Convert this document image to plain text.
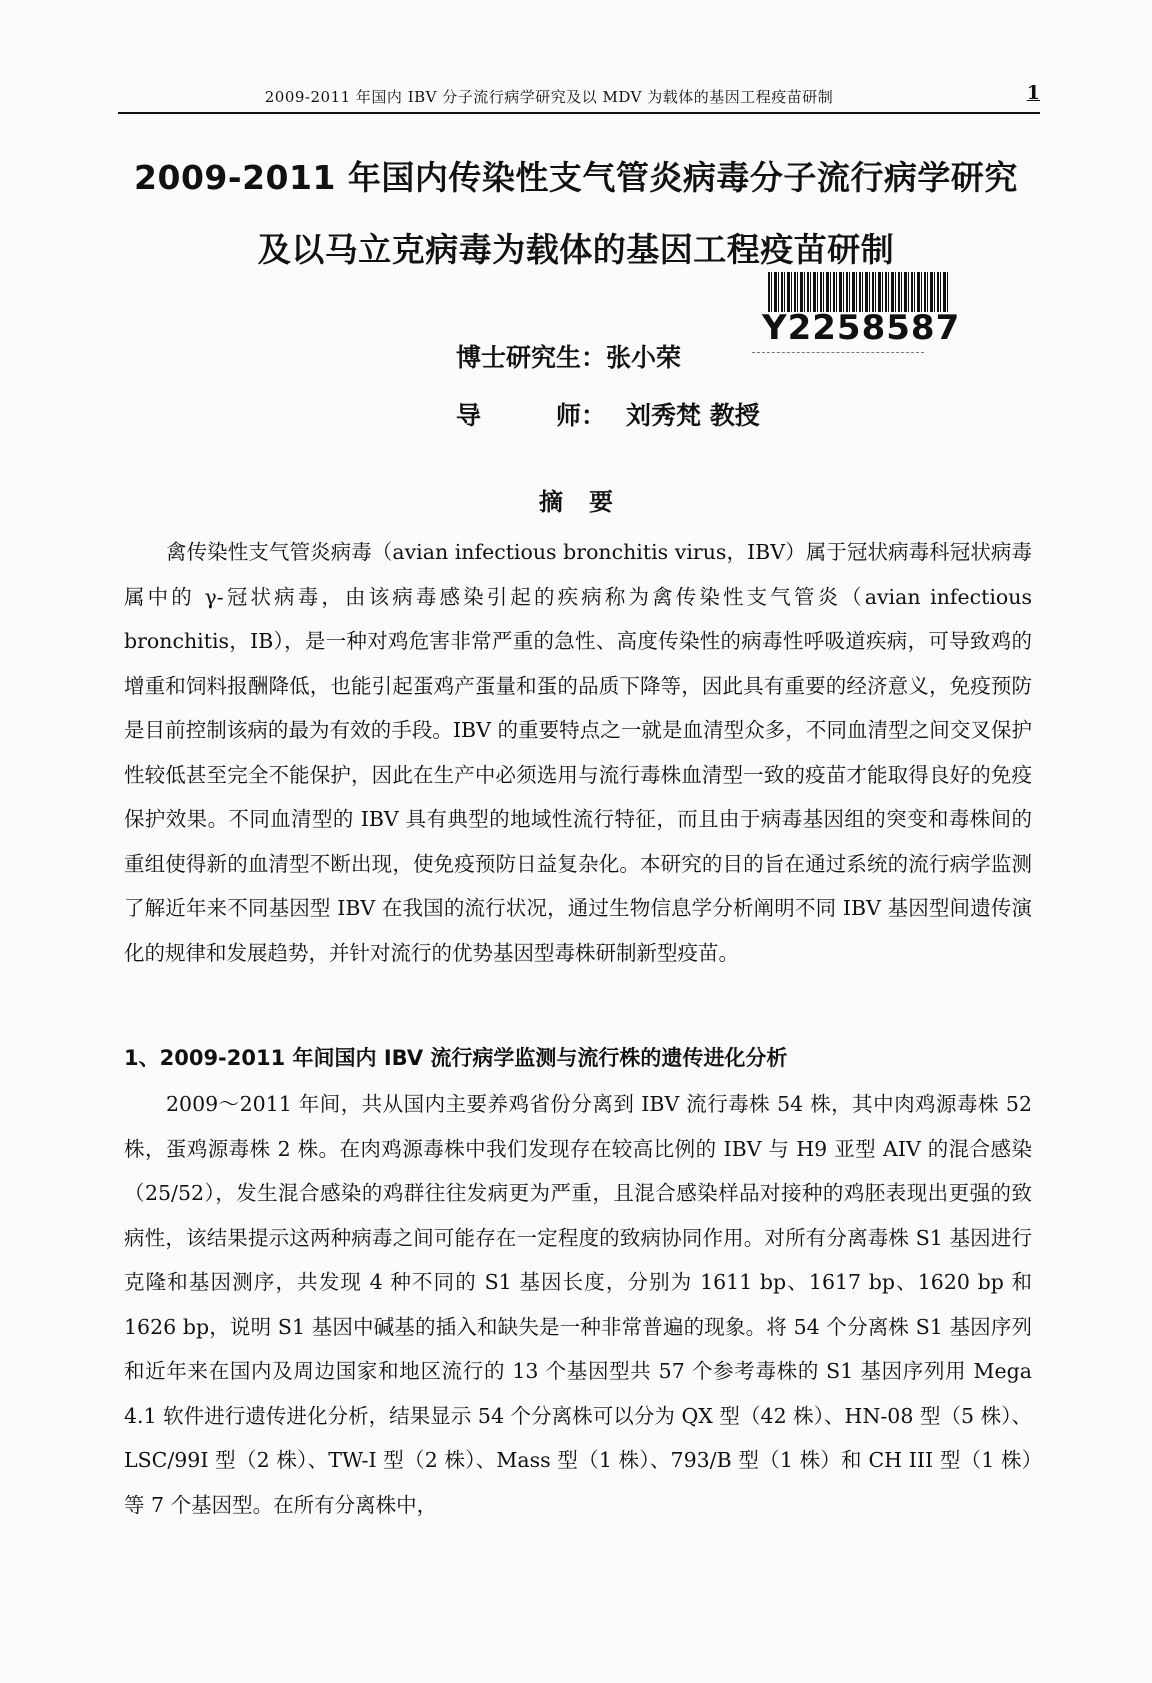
2009-2011 年国内 IBV 分子流行病学研究及以 MDV 为载体的基因工程疫苗研制	1
2009-2011 年国内传染性支气管炎病毒分子流行病学研究
及以马立克病毒为载体的基因工程疫苗研制
Y2258587
博士研究生：张小荣
导　　　师： 刘秀梵 教授
摘要

禽传染性支气管炎病毒（avian infectious bronchitis virus，IBV）属于冠状病毒科冠状病毒属中的 γ-冠状病毒，由该病毒感染引起的疾病称为禽传染性支气管炎（avian infectious bronchitis，IB），是一种对鸡危害非常严重的急性、高度传染性的病毒性呼吸道疾病，可导致鸡的增重和饲料报酬降低，也能引起蛋鸡产蛋量和蛋的品质下降等，因此具有重要的经济意义，免疫预防是目前控制该病的最为有效的手段。IBV 的重要特点之一就是血清型众多，不同血清型之间交叉保护性较低甚至完全不能保护，因此在生产中必须选用与流行毒株血清型一致的疫苗才能取得良好的免疫保护效果。不同血清型的 IBV 具有典型的地域性流行特征，而且由于病毒基因组的突变和毒株间的重组使得新的血清型不断出现，使免疫预防日益复杂化。本研究的目的旨在通过系统的流行病学监测了解近年来不同基因型 IBV 在我国的流行状况，通过生物信息学分析阐明不同 IBV 基因型间遗传演化的规律和发展趋势，并针对流行的优势基因型毒株研制新型疫苗。

1、2009-2011 年间国内 IBV 流行病学监测与流行株的遗传进化分析

2009～2011 年间，共从国内主要养鸡省份分离到 IBV 流行毒株 54 株，其中肉鸡源毒株 52 株，蛋鸡源毒株 2 株。在肉鸡源毒株中我们发现存在较高比例的 IBV 与 H9 亚型 AIV 的混合感染（25/52），发生混合感染的鸡群往往发病更为严重，且混合感染样品对接种的鸡胚表现出更强的致病性，该结果提示这两种病毒之间可能存在一定程度的致病协同作用。对所有分离毒株 S1 基因进行克隆和基因测序，共发现 4 种不同的 S1 基因长度，分别为 1611 bp、1617 bp、1620 bp 和 1626 bp，说明 S1 基因中碱基的插入和缺失是一种非常普遍的现象。将 54 个分离株 S1 基因序列和近年来在国内及周边国家和地区流行的 13 个基因型共 57 个参考毒株的 S1 基因序列用 Mega 4.1 软件进行遗传进化分析，结果显示 54 个分离株可以分为 QX 型（42 株）、HN-08 型（5 株）、LSC/99I 型（2 株）、TW-I 型（2 株）、Mass 型（1 株）、793/B 型（1 株）和 CH III 型（1 株）等 7 个基因型。在所有分离株中，
